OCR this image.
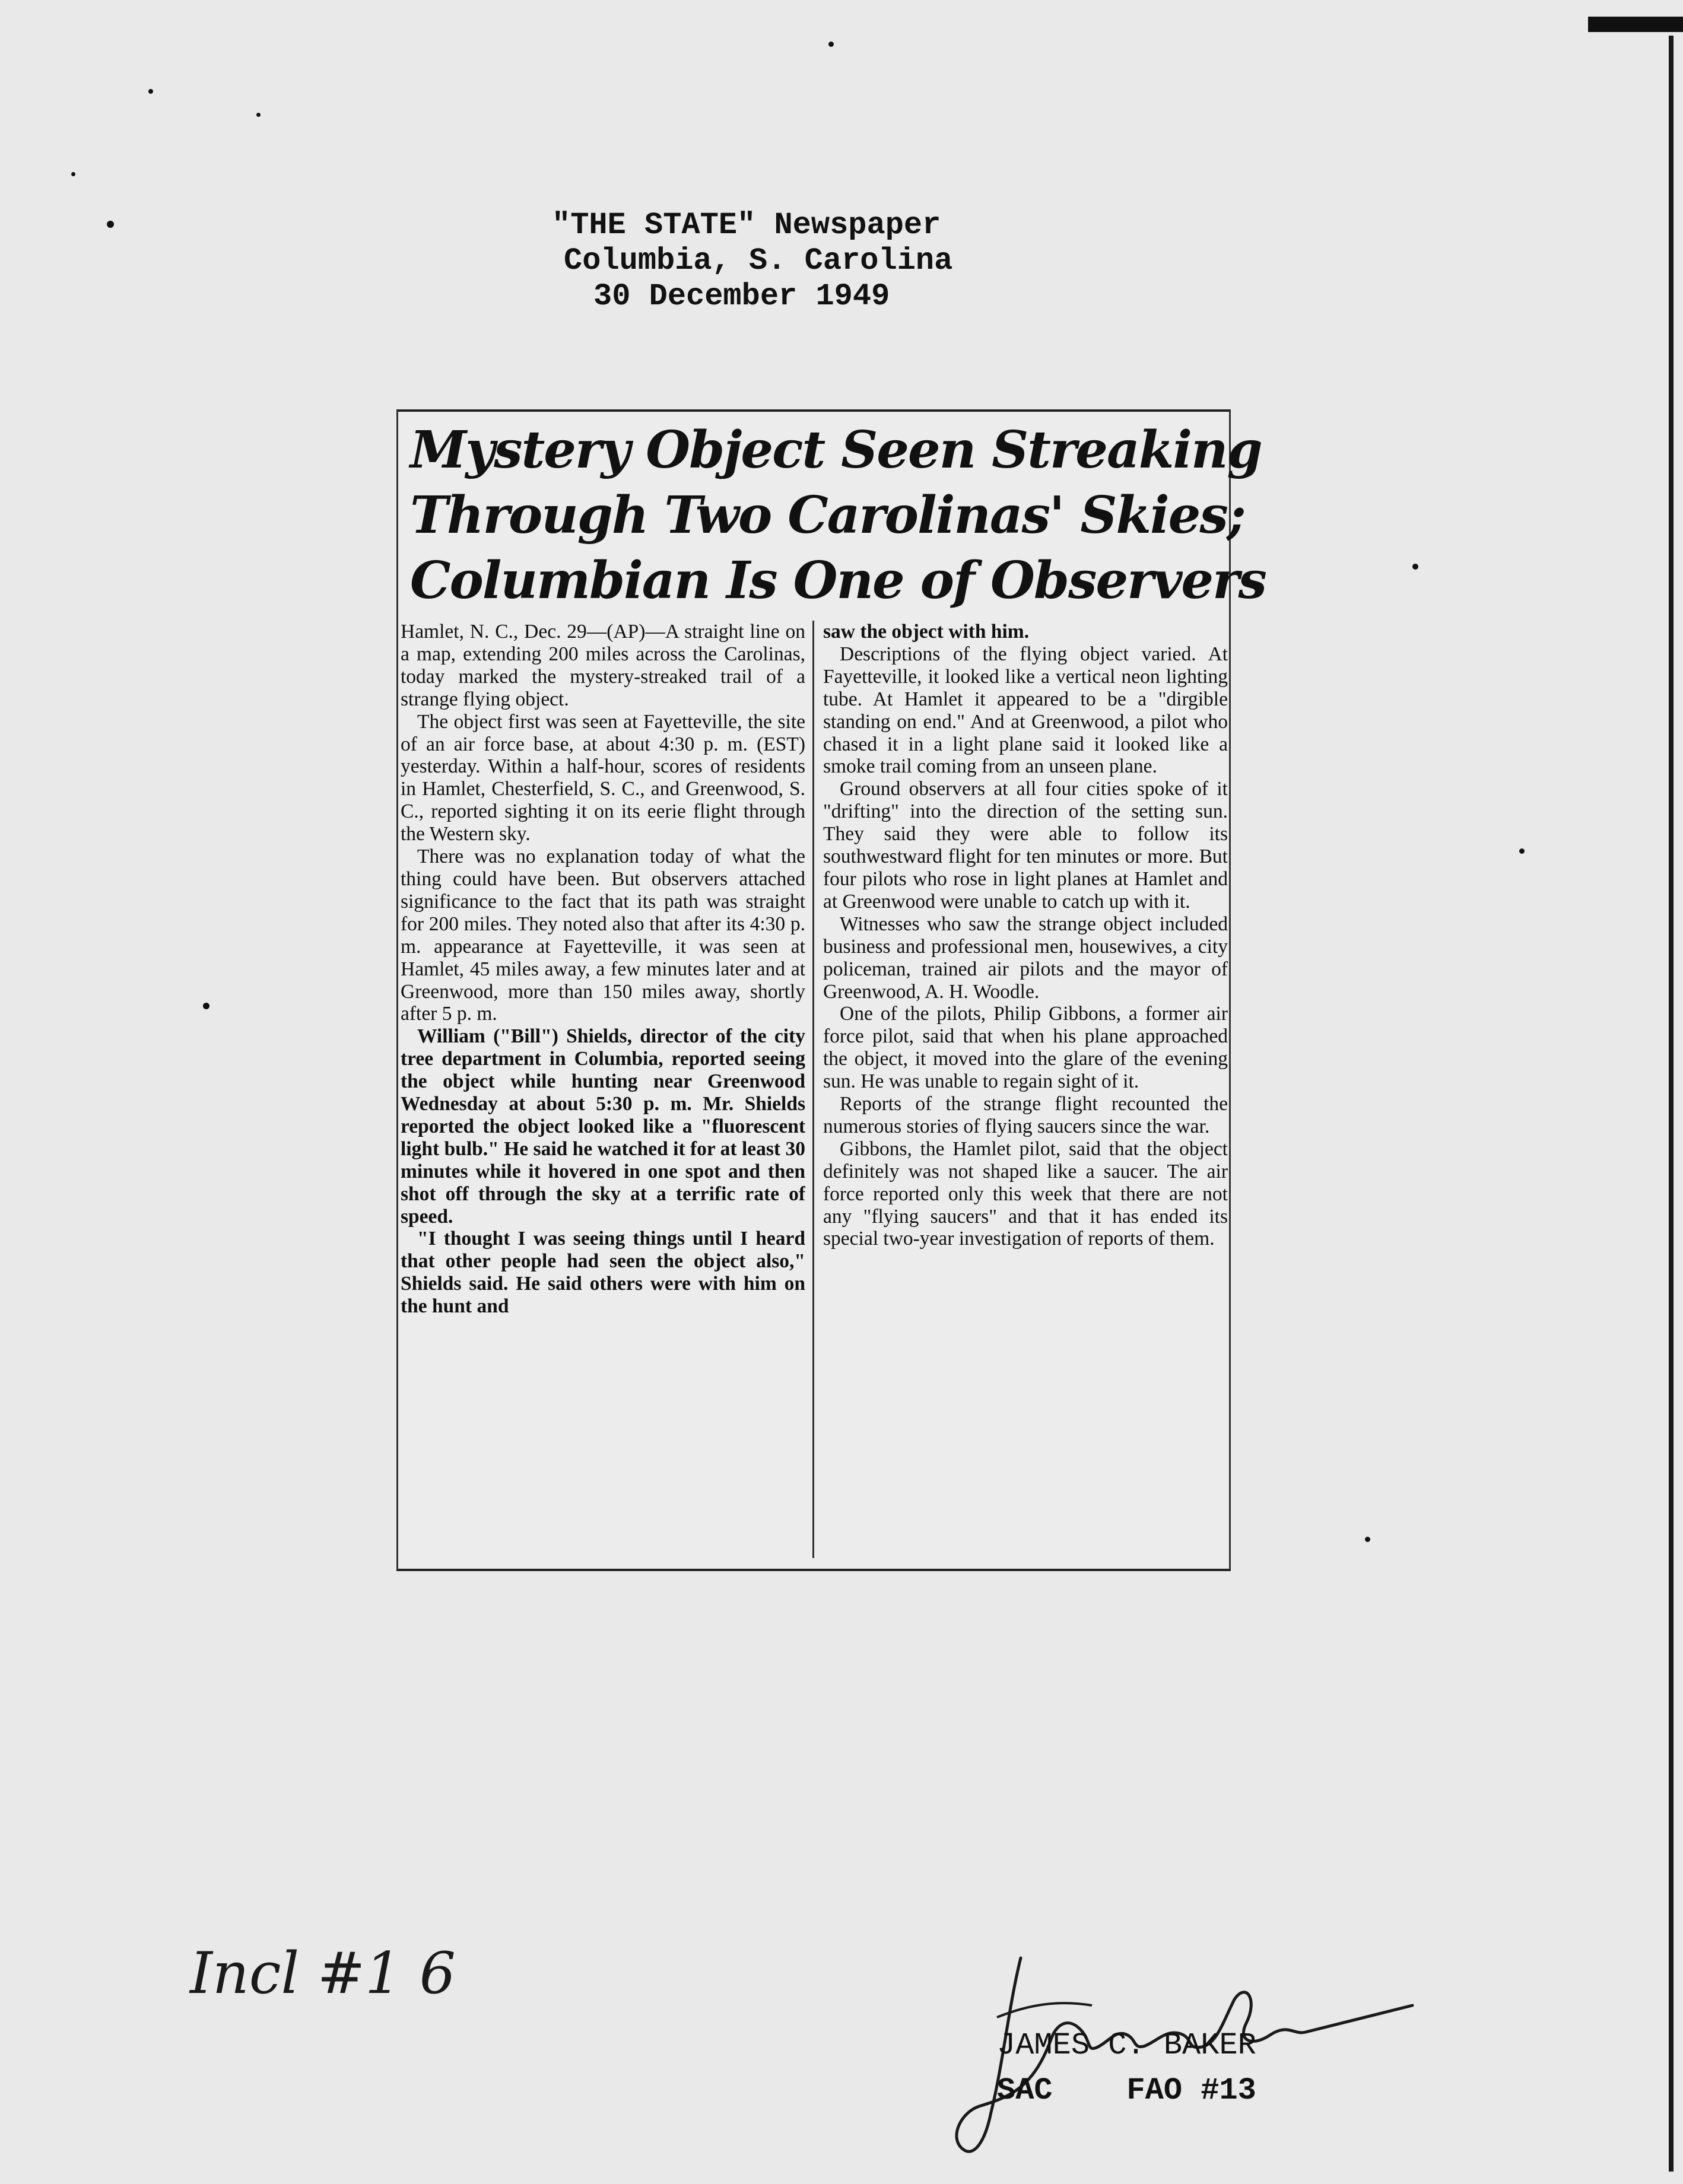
"THE STATE" Newspaper
Columbia, S. Carolina
30 December 1949
Mystery Object Seen Streaking
Through Two Carolinas' Skies;
Columbian Is One of Observers

Hamlet, N. C., Dec. 29—(AP)—A straight line on a map, extending 200 miles across the Carolinas, today marked the mystery-streaked trail of a strange flying object.

The object first was seen at Fayetteville, the site of an air force base, at about 4:30 p. m. (EST) yesterday. Within a half-hour, scores of residents in Hamlet, Chesterfield, S. C., and Greenwood, S. C., reported sighting it on its eerie flight through the Western sky.

There was no explanation today of what the thing could have been. But observers attached significance to the fact that its path was straight for 200 miles. They noted also that after its 4:30 p. m. appearance at Fayetteville, it was seen at Hamlet, 45 miles away, a few minutes later and at Greenwood, more than 150 miles away, shortly after 5 p. m.

William ("Bill") Shields, director of the city tree department in Columbia, reported seeing the object while hunting near Greenwood Wednesday at about 5:30 p. m. Mr. Shields reported the object looked like a "fluorescent light bulb." He said he watched it for at least 30 minutes while it hovered in one spot and then shot off through the sky at a terrific rate of speed.

"I thought I was seeing things until I heard that other people had seen the object also," Shields said. He said others were with him on the hunt and

saw the object with him.

Descriptions of the flying object varied. At Fayetteville, it looked like a vertical neon lighting tube. At Hamlet it appeared to be a "dirgible standing on end." And at Greenwood, a pilot who chased it in a light plane said it looked like a smoke trail coming from an unseen plane.

Ground observers at all four cities spoke of it "drifting" into the direction of the setting sun. They said they were able to follow its southwestward flight for ten minutes or more. But four pilots who rose in light planes at Hamlet and at Greenwood were unable to catch up with it.

Witnesses who saw the strange object included business and professional men, housewives, a city policeman, trained air pilots and the mayor of Greenwood, A. H. Woodle.

One of the pilots, Philip Gibbons, a former air force pilot, said that when his plane approached the object, it moved into the glare of the evening sun. He was unable to regain sight of it.

Reports of the strange flight recounted the numerous stories of flying saucers since the war.

Gibbons, the Hamlet pilot, said that the object definitely was not shaped like a saucer. The air force reported only this week that there are not any "flying saucers" and that it has ended its special two-year investigation of reports of them.

Incl #1 6
James G Baker
JAMES C. BAKER
SAC    FAO #13
